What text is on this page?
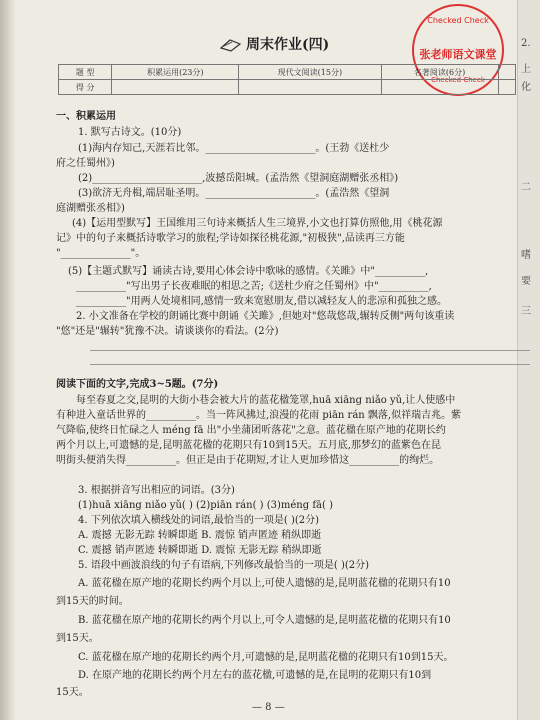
2.
上
化
二
嗜
要
三
周末作业(四)
Checked Check
张老师语文课堂
Checked Check
题 型	积累运用(23分)	现代文阅读(15分)	名著阅读(6分)	
得 分				
一、积累运用
1. 默写古诗文。(10分)
(1)海内存知己,天涯若比邻。______________________。(王勃《送杜少
府之任蜀州》)
(2)______________________,波撼岳阳城。(孟浩然《望洞庭湖赠张丞相》)
(3)欲济无舟楫,端居耻圣明。______________________。(孟浩然《望洞
庭湖赠张丞相》)
(4)【运用型默写】王国维用三句诗来概括人生三境界,小文也打算仿照他,用《桃花源
记》中的句子来概括诗歌学习的旅程;学诗如探径桃花源,"初极狭",品读再三方能
"______________"。
(5)【主题式默写】诵读古诗,要用心体会诗中歌咏的感情。《关雎》中"__________,
__________"写出男子长夜难眠的相思之苦;《送杜少府之任蜀州》中"__________,
__________"用两人处境相同,感情一致来宽慰朋友,借以减轻友人的悲凉和孤独之感。
2. 小文准备在学校的朗诵比赛中朗诵《关雎》,但她对"悠哉悠哉,辗转反侧"两句该重读
"悠"还是"辗转"犹豫不决。请谈谈你的看法。(2分)
阅读下面的文字,完成3~5题。(7分)
每至春夏之交,昆明的大街小巷会被大片的蓝花楹笼罩,huā xiāng niǎo yǔ,让人使感中
有种进入童话世界的__________。当一阵风拂过,浪漫的花雨 piān rán 飘落,似祥瑞吉兆。紫
气降临,使终日忙碌之人 méng fā 出"小坐蒲团听落花"之意。蓝花楹在原产地的花期长约
两个月以上,可遗憾的是,昆明蓝花楹的花期只有10到15天。五月底,那梦幻的蓝紫色在昆
明街头便消失得__________。但正是由于花期短,才让人更加珍惜这__________的绚烂。
3. 根据拼音写出相应的词语。(3分)
(1)huā xiāng niǎo yǔ( ) (2)piān rán( ) (3)méng fā( )
4. 下列依次填入横线处的词语,最恰当的一项是( )(2分)
A. 震撼 无影无踪 转瞬即逝 B. 震惊 销声匿迹 稍纵即逝
C. 震撼 销声匿迹 转瞬即逝 D. 震惊 无影无踪 稍纵即逝
5. 语段中画波浪线的句子有语病,下列修改最恰当的一项是( )(2分)
A. 蓝花楹在原产地的花期长约两个月以上,可使人遗憾的是,昆明蓝花楹的花期只有10
到15天的时间。
B. 蓝花楹在原产地的花期长约两个月以上,可令人遗憾的是,昆明蓝花楹的花期只有10
到15天。
C. 蓝花楹在原产地的花期长约两个月,可遗憾的是,昆明蓝花楹的花期只有10到15天。
D. 在原产地的花期长约两个月左右的蓝花楹,可遗憾的是,在昆明的花期只有10到
15天。
— 8 —
